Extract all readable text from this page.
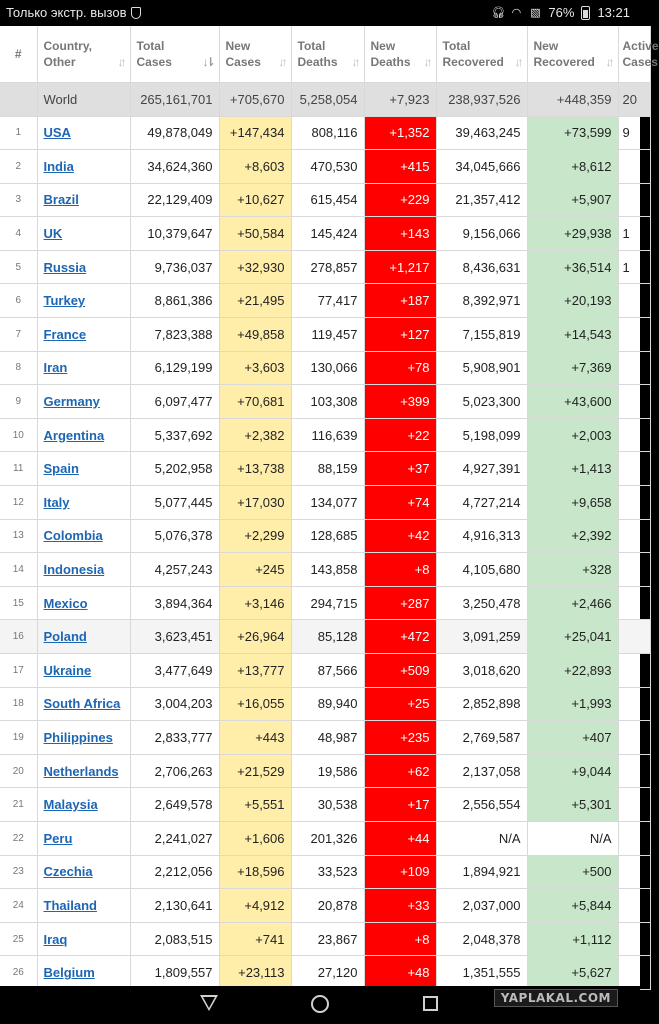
Только экстр. вызов	🎧︎ ◠ ▧ 76% 13:21
#	Country, Other ↓↑	Total Cases ↓⇂	New Cases ↓↑	Total Deaths ↓↑	New Deaths ↓↑	Total Recovered ↓↑	New Recovered ↓↑	Active Cases
	World	265,161,701	+705,670	5,258,054	+7,923	238,937,526	+448,359	20
1	USA	49,878,049	+147,434	808,116	+1,352	39,463,245	+73,599	9
2	India	34,624,360	+8,603	470,530	+415	34,045,666	+8,612	
3	Brazil	22,129,409	+10,627	615,454	+229	21,357,412	+5,907	
4	UK	10,379,647	+50,584	145,424	+143	9,156,066	+29,938	1
5	Russia	9,736,037	+32,930	278,857	+1,217	8,436,631	+36,514	1
6	Turkey	8,861,386	+21,495	77,417	+187	8,392,971	+20,193	
7	France	7,823,388	+49,858	119,457	+127	7,155,819	+14,543	
8	Iran	6,129,199	+3,603	130,066	+78	5,908,901	+7,369	
9	Germany	6,097,477	+70,681	103,308	+399	5,023,300	+43,600	
10	Argentina	5,337,692	+2,382	116,639	+22	5,198,099	+2,003	
11	Spain	5,202,958	+13,738	88,159	+37	4,927,391	+1,413	
12	Italy	5,077,445	+17,030	134,077	+74	4,727,214	+9,658	
13	Colombia	5,076,378	+2,299	128,685	+42	4,916,313	+2,392	
14	Indonesia	4,257,243	+245	143,858	+8	4,105,680	+328	
15	Mexico	3,894,364	+3,146	294,715	+287	3,250,478	+2,466	
16	Poland	3,623,451	+26,964	85,128	+472	3,091,259	+25,041	
17	Ukraine	3,477,649	+13,777	87,566	+509	3,018,620	+22,893	
18	South Africa	3,004,203	+16,055	89,940	+25	2,852,898	+1,993	
19	Philippines	2,833,777	+443	48,987	+235	2,769,587	+407	
20	Netherlands	2,706,263	+21,529	19,586	+62	2,137,058	+9,044	
21	Malaysia	2,649,578	+5,551	30,538	+17	2,556,554	+5,301	
22	Peru	2,241,027	+1,606	201,326	+44	N/A	N/A	
23	Czechia	2,212,056	+18,596	33,523	+109	1,894,921	+500	
24	Thailand	2,130,641	+4,912	20,878	+33	2,037,000	+5,844	
25	Iraq	2,083,515	+741	23,867	+8	2,048,378	+1,112	
26	Belgium	1,809,557	+23,113	27,120	+48	1,351,555	+5,627	
YAPLAKAL.COM
